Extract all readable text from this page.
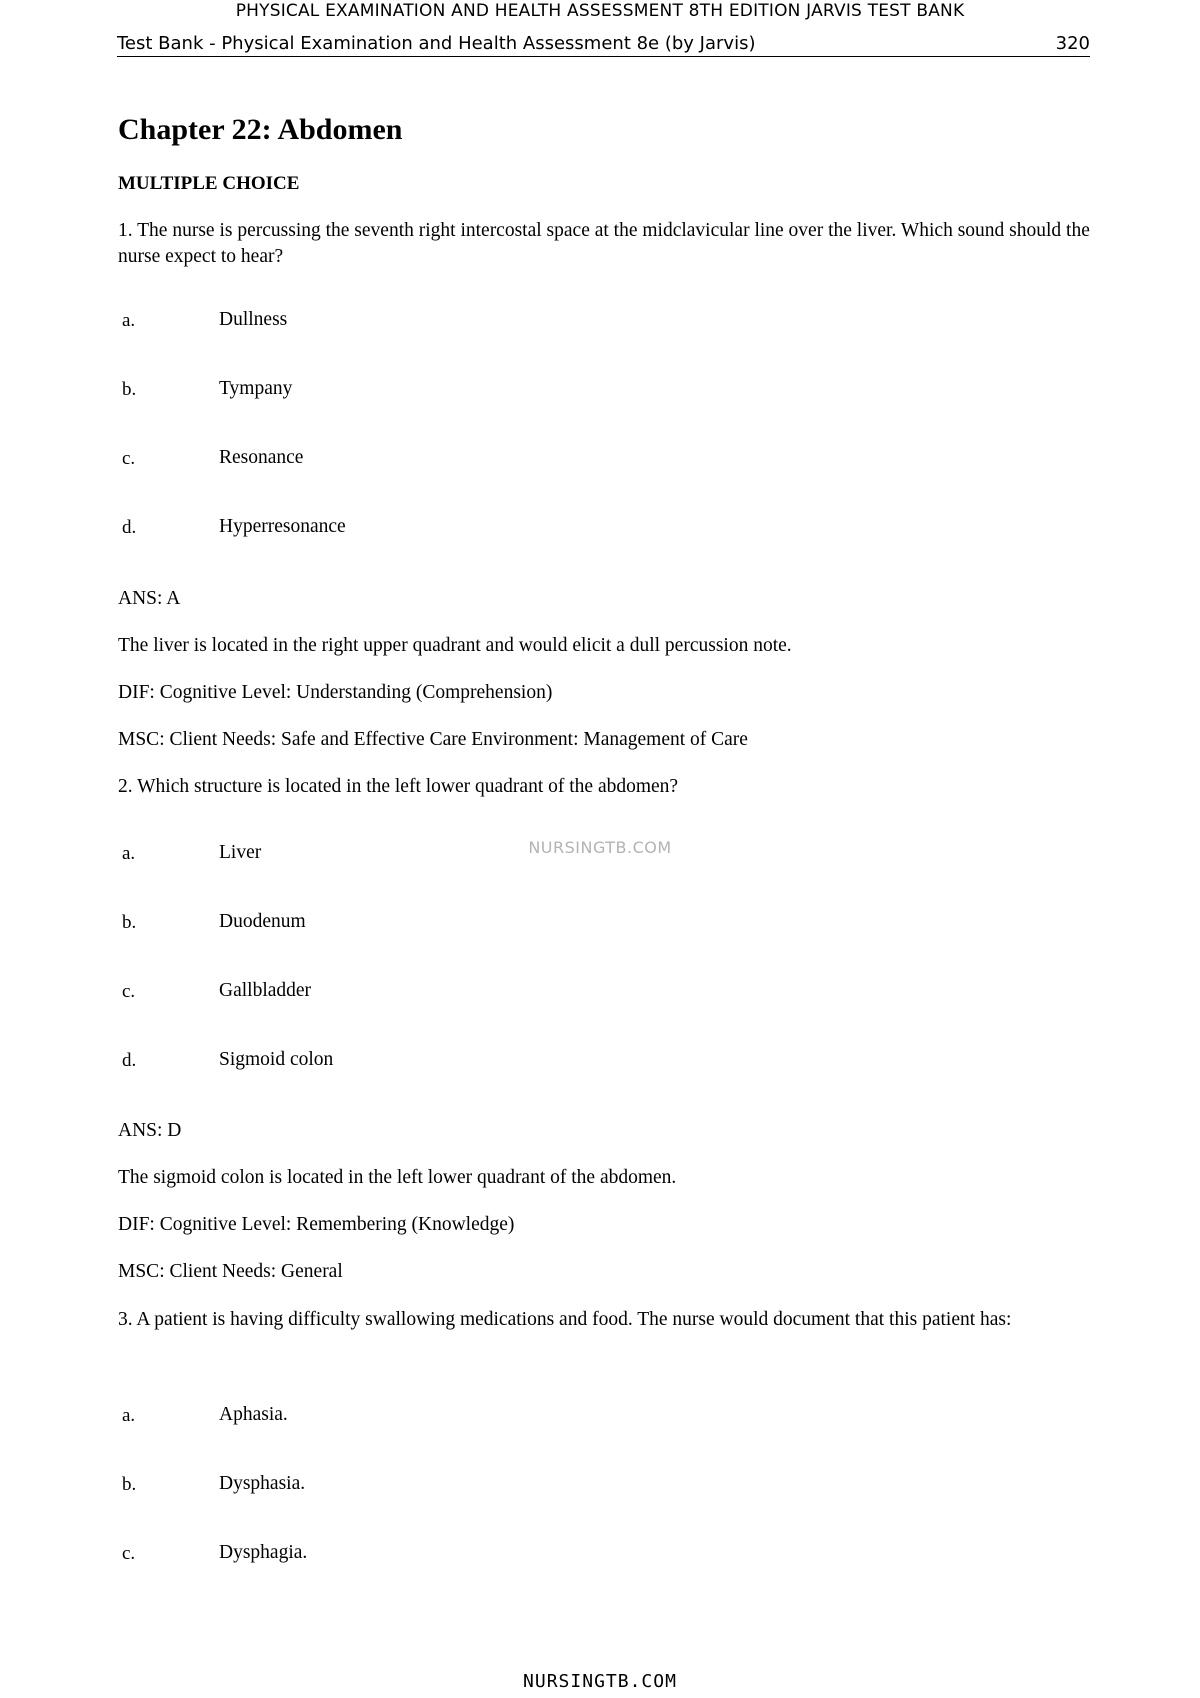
PHYSICAL EXAMINATION AND HEALTH ASSESSMENT 8TH EDITION JARVIS TEST BANK
Test Bank - Physical Examination and Health Assessment 8e (by Jarvis)	320
Chapter 22: Abdomen
MULTIPLE CHOICE
1. The nurse is percussing the seventh right intercostal space at the midclavicular line over the liver. Which sound should the nurse expect to hear?
a.	Dullness
b.	Tympany
c.	Resonance
d.	Hyperresonance
ANS: A
The liver is located in the right upper quadrant and would elicit a dull percussion note.
DIF: Cognitive Level: Understanding (Comprehension)
MSC: Client Needs: Safe and Effective Care Environment: Management of Care
2. Which structure is located in the left lower quadrant of the abdomen?
NURSINGTB.COM
a.	Liver
b.	Duodenum
c.	Gallbladder
d.	Sigmoid colon
ANS: D
The sigmoid colon is located in the left lower quadrant of the abdomen.
DIF: Cognitive Level: Remembering (Knowledge)
MSC: Client Needs: General
3. A patient is having difficulty swallowing medications and food. The nurse would document that this patient has:
a.	Aphasia.
b.	Dysphasia.
c.	Dysphagia.
NURSINGTB.COM
